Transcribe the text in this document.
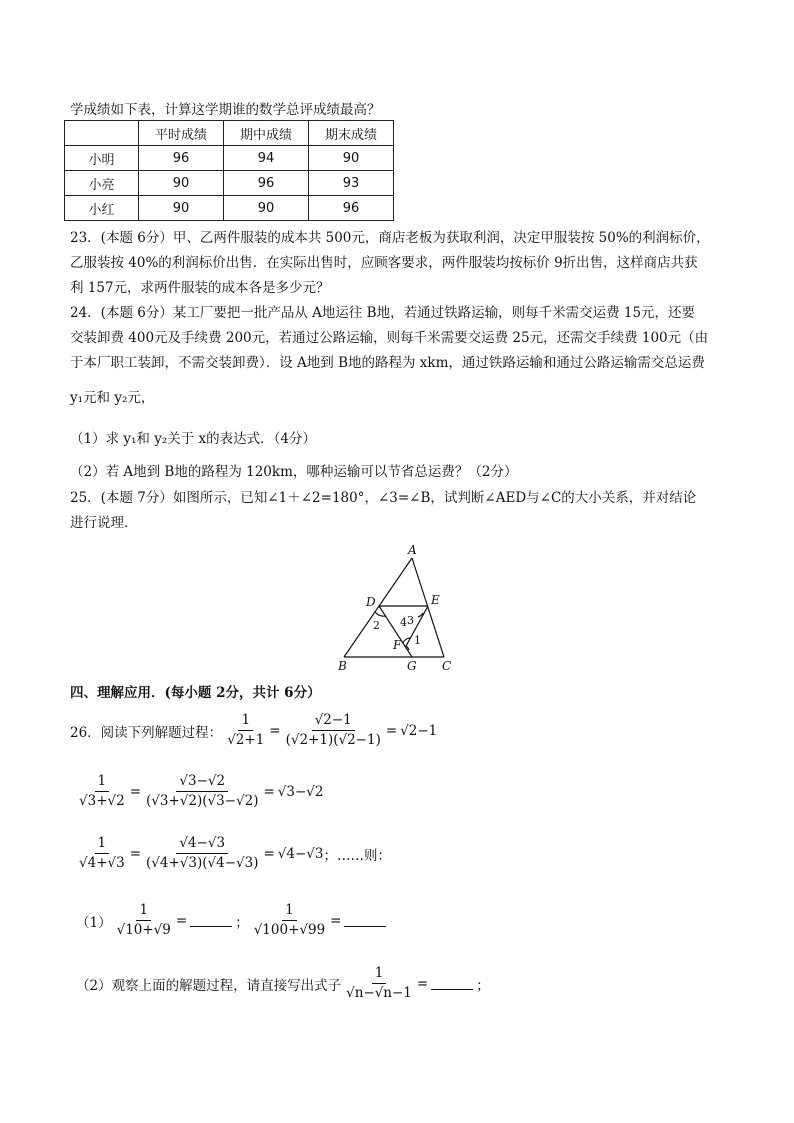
学成绩如下表，计算这学期谁的数学总评成绩最高？
	平时成绩	期中成绩	期末成绩
小明	96	94	90
小亮	90	96	93
小红	90	90	96
23．(本题 6分）甲、乙两件服装的成本共 500元，商店老板为获取利润，决定甲服装按 50%的利润标价，
乙服装按 40%的利润标价出售．在实际出售时，应顾客要求，两件服装均按标价 9折出售，这样商店共获
利 157元，求两件服装的成本各是多少元？
24．(本题 6分）某工厂要把一批产品从 A地运往 B地，若通过铁路运输，则每千米需交运费 15元，还要
交装卸费 400元及手续费 200元，若通过公路运输，则每千米需要交运费 25元，还需交手续费 100元（由
于本厂职工装卸，不需交装卸费）．设 A地到 B地的路程为 xkm，通过铁路运输和通过公路运输需交总运费
y₁元和 y₂元，
（1）求 y₁和 y₂关于 x的表达式．（4分）
（2）若 A地到 B地的路程为 120km，哪种运输可以节省总运费？（2分）
25．(本题 7分）如图所示，已知∠1＋∠2=180°，∠3=∠B，试判断∠AED与∠C的大小关系，并对结论
进行说理．
A
D	E
F
B	G C
2 3
4
1
四、理解应用．(每小题 2分，共计 6分）
26．阅读下列解题过程： $\frac{1}{√2+1} = \frac{√2-1}{(√2+1)(√2-1)} = √2-1$
$\frac{1}{√3+√2} = \frac{√3-√2}{(√3+√2)(√3-√2)} = √3-√2$
$\frac{1}{√4+√3} = \frac{√4-√3}{(√4+√3)(√4-√3)} = √4-√3$ ；……则：
$(1) \frac{1}{√10+√9}$ =	； $\frac{1}{√100+√99}$ =
（2）观察上面的解题过程，请直接写出式子 $\frac{1}{√n-√n-1}$ =	；
